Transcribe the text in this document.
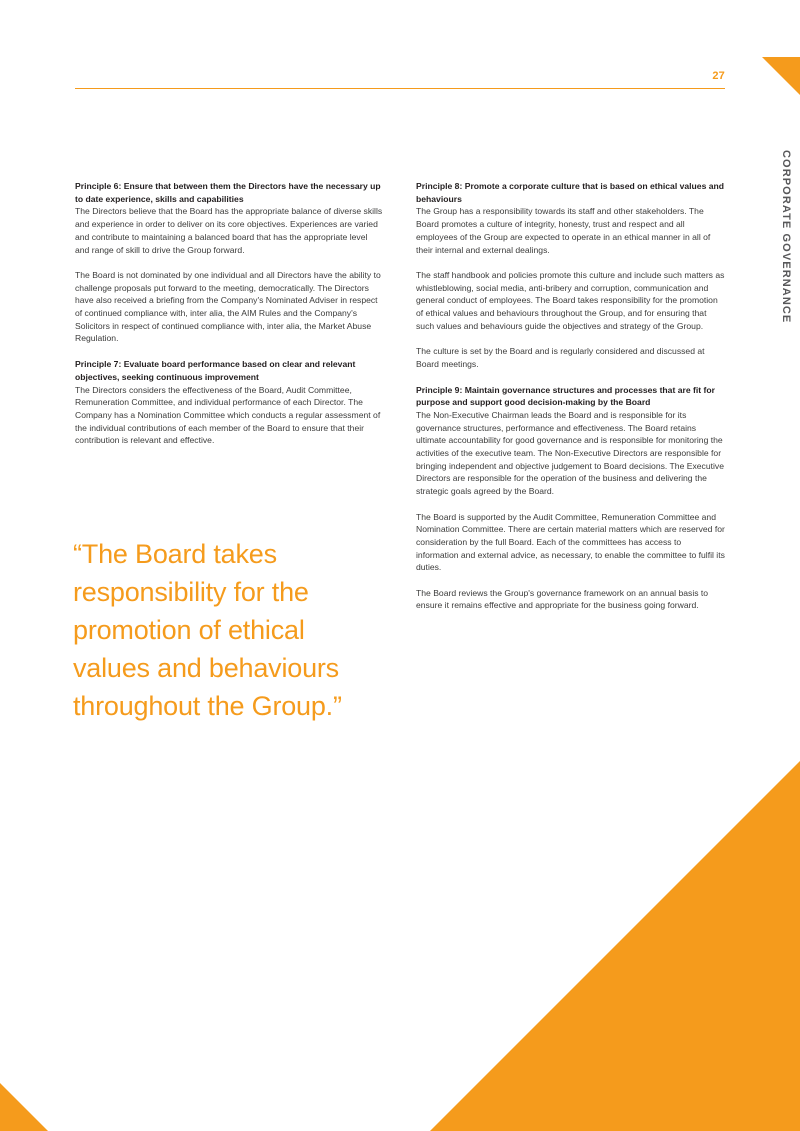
27
CORPORATE GOVERNANCE
Principle 6: Ensure that between them the Directors have the necessary up to date experience, skills and capabilities

The Directors believe that the Board has the appropriate balance of diverse skills and experience in order to deliver on its core objectives. Experiences are varied and contribute to maintaining a balanced board that has the appropriate level and range of skill to drive the Group forward.

The Board is not dominated by one individual and all Directors have the ability to challenge proposals put forward to the meeting, democratically. The Directors have also received a briefing from the Company's Nominated Adviser in respect of continued compliance with, inter alia, the AIM Rules and the Company's Solicitors in respect of continued compliance with, inter alia, the Market Abuse Regulation.

Principle 7: Evaluate board performance based on clear and relevant objectives, seeking continuous improvement

The Directors considers the effectiveness of the Board, Audit Committee, Remuneration Committee, and individual performance of each Director. The Company has a Nomination Committee which conducts a regular assessment of the individual contributions of each member of the Board to ensure that their contribution is relevant and effective.

Principle 8: Promote a corporate culture that is based on ethical values and behaviours

The Group has a responsibility towards its staff and other stakeholders. The Board promotes a culture of integrity, honesty, trust and respect and all employees of the Group are expected to operate in an ethical manner in all of their internal and external dealings.

The staff handbook and policies promote this culture and include such matters as whistleblowing, social media, anti-bribery and corruption, communication and general conduct of employees. The Board takes responsibility for the promotion of ethical values and behaviours throughout the Group, and for ensuring that such values and behaviours guide the objectives and strategy of the Group.

The culture is set by the Board and is regularly considered and discussed at Board meetings.

Principle 9: Maintain governance structures and processes that are fit for purpose and support good decision-making by the Board

The Non-Executive Chairman leads the Board and is responsible for its governance structures, performance and effectiveness. The Board retains ultimate accountability for good governance and is responsible for monitoring the activities of the executive team. The Non-Executive Directors are responsible for bringing independent and objective judgement to Board decisions. The Executive Directors are responsible for the operation of the business and delivering the strategic goals agreed by the Board.

The Board is supported by the Audit Committee, Remuneration Committee and Nomination Committee. There are certain material matters which are reserved for consideration by the full Board. Each of the committees has access to information and external advice, as necessary, to enable the committee to fulfil its duties.

The Board reviews the Group's governance framework on an annual basis to ensure it remains effective and appropriate for the business going forward.

“The Board takes responsibility for the promotion of ethical values and behaviours throughout the Group.”
